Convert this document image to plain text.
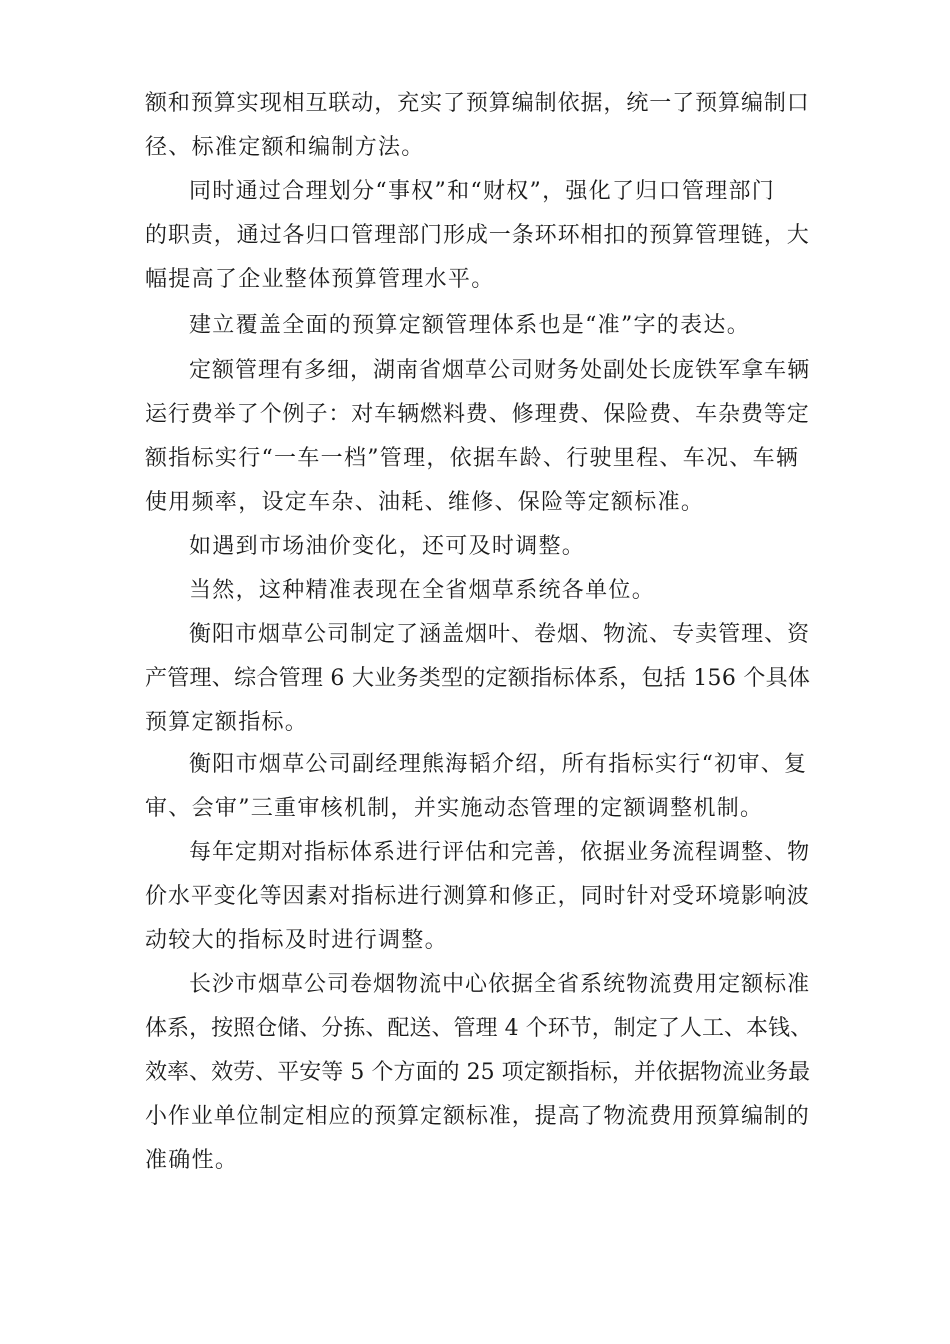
额和预算实现相互联动，充实了预算编制依据，统一了预算编制口
径、标准定额和编制方法。
同时通过合理划分“事权”和“财权”，强化了归口管理部门
的职责，通过各归口管理部门形成一条环环相扣的预算管理链，大
幅提高了企业整体预算管理水平。
建立覆盖全面的预算定额管理体系也是“准”字的表达。
定额管理有多细，湖南省烟草公司财务处副处长庞铁军拿车辆
运行费举了个例子：对车辆燃料费、修理费、保险费、车杂费等定
额指标实行“一车一档”管理，依据车龄、行驶里程、车况、车辆
使用频率，设定车杂、油耗、维修、保险等定额标准。
如遇到市场油价变化，还可及时调整。
当然，这种精准表现在全省烟草系统各单位。
衡阳市烟草公司制定了涵盖烟叶、卷烟、物流、专卖管理、资
产管理、综合管理 6 大业务类型的定额指标体系，包括 156 个具体
预算定额指标。
衡阳市烟草公司副经理熊海韬介绍，所有指标实行“初审、复
审、会审”三重审核机制，并实施动态管理的定额调整机制。
每年定期对指标体系进行评估和完善，依据业务流程调整、物
价水平变化等因素对指标进行测算和修正，同时针对受环境影响波
动较大的指标及时进行调整。
长沙市烟草公司卷烟物流中心依据全省系统物流费用定额标准
体系，按照仓储、分拣、配送、管理 4 个环节，制定了人工、本钱、
效率、效劳、平安等 5 个方面的 25 项定额指标，并依据物流业务最
小作业单位制定相应的预算定额标准，提高了物流费用预算编制的
准确性。
